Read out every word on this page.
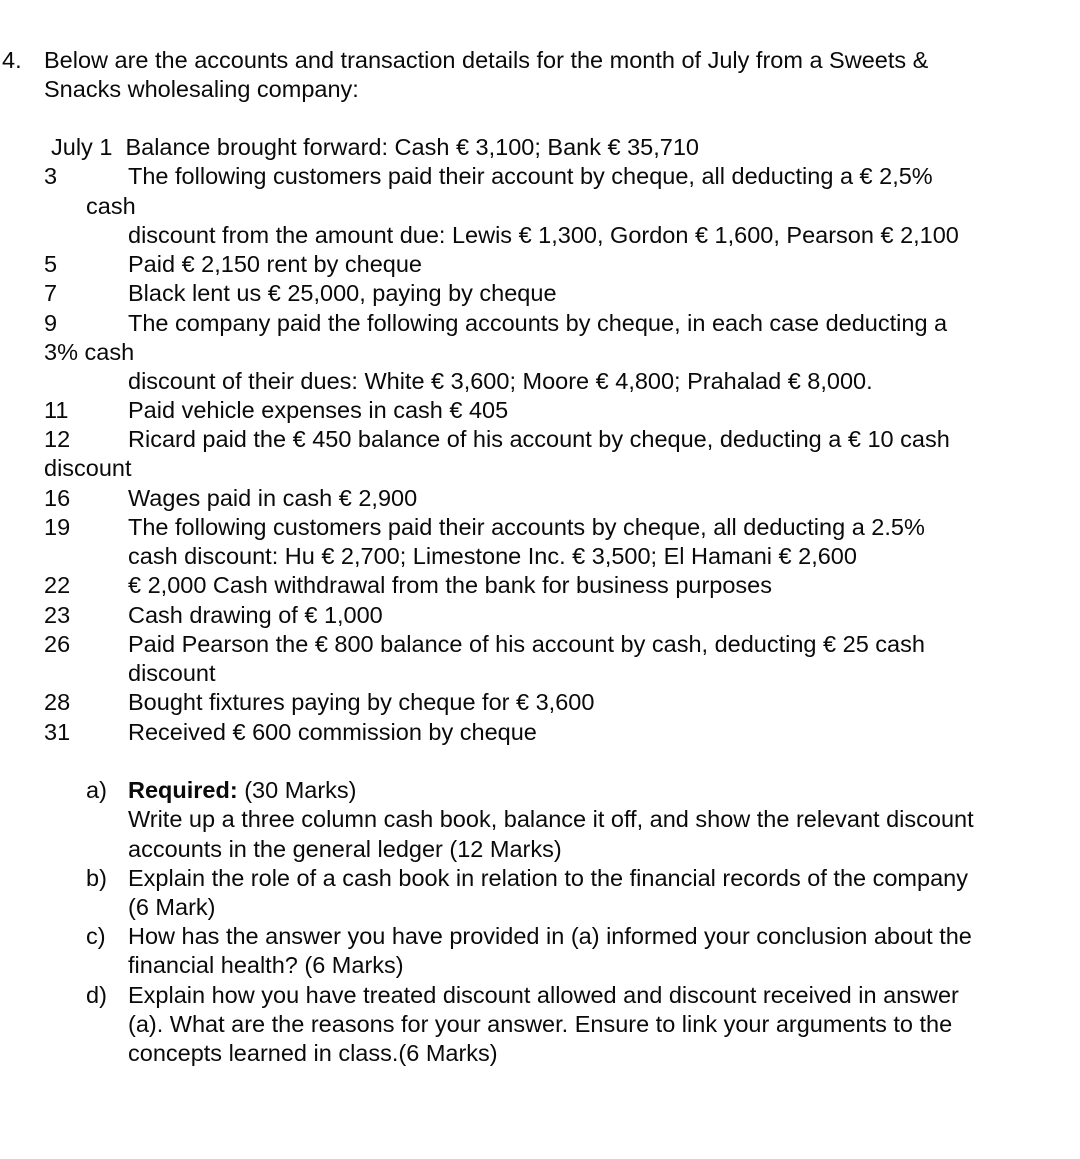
4. Below are the accounts and transaction details for the month of July from a Sweets &
Snacks wholesaling company:
July 1  Balance brought forward: Cash € 3,100; Bank € 35,710
3	The following customers paid their account by cheque, all deducting a € 2,5%
cash
discount from the amount due: Lewis € 1,300, Gordon € 1,600, Pearson € 2,100
5	Paid € 2,150 rent by cheque
7	Black lent us € 25,000, paying by cheque
9	The company paid the following accounts by cheque, in each case deducting a
3% cash
discount of their dues: White € 3,600; Moore € 4,800; Prahalad € 8,000.
11	Paid vehicle expenses in cash € 405
12 Ricard paid the € 450 balance of his account by cheque, deducting a € 10 cash
discount
16 Wages paid in cash € 2,900
19 The following customers paid their accounts by cheque, all deducting a 2.5%
cash discount: Hu € 2,700; Limestone Inc. € 3,500; El Hamani € 2,600
22 € 2,000 Cash withdrawal from the bank for business purposes
23 Cash drawing of € 1,000
26 Paid Pearson the € 800 balance of his account by cash, deducting € 25 cash
discount
28 Bought fixtures paying by cheque for € 3,600
31 Received € 600 commission by cheque
a) Required: (30 Marks)
Write up a three column cash book, balance it off, and show the relevant discount
accounts in the general ledger (12 Marks)
b) Explain the role of a cash book in relation to the financial records of the company
(6 Mark)
c) How has the answer you have provided in (a) informed your conclusion about the
financial health? (6 Marks)
d) Explain how you have treated discount allowed and discount received in answer
(a). What are the reasons for your answer. Ensure to link your arguments to the
concepts learned in class.(6 Marks)
